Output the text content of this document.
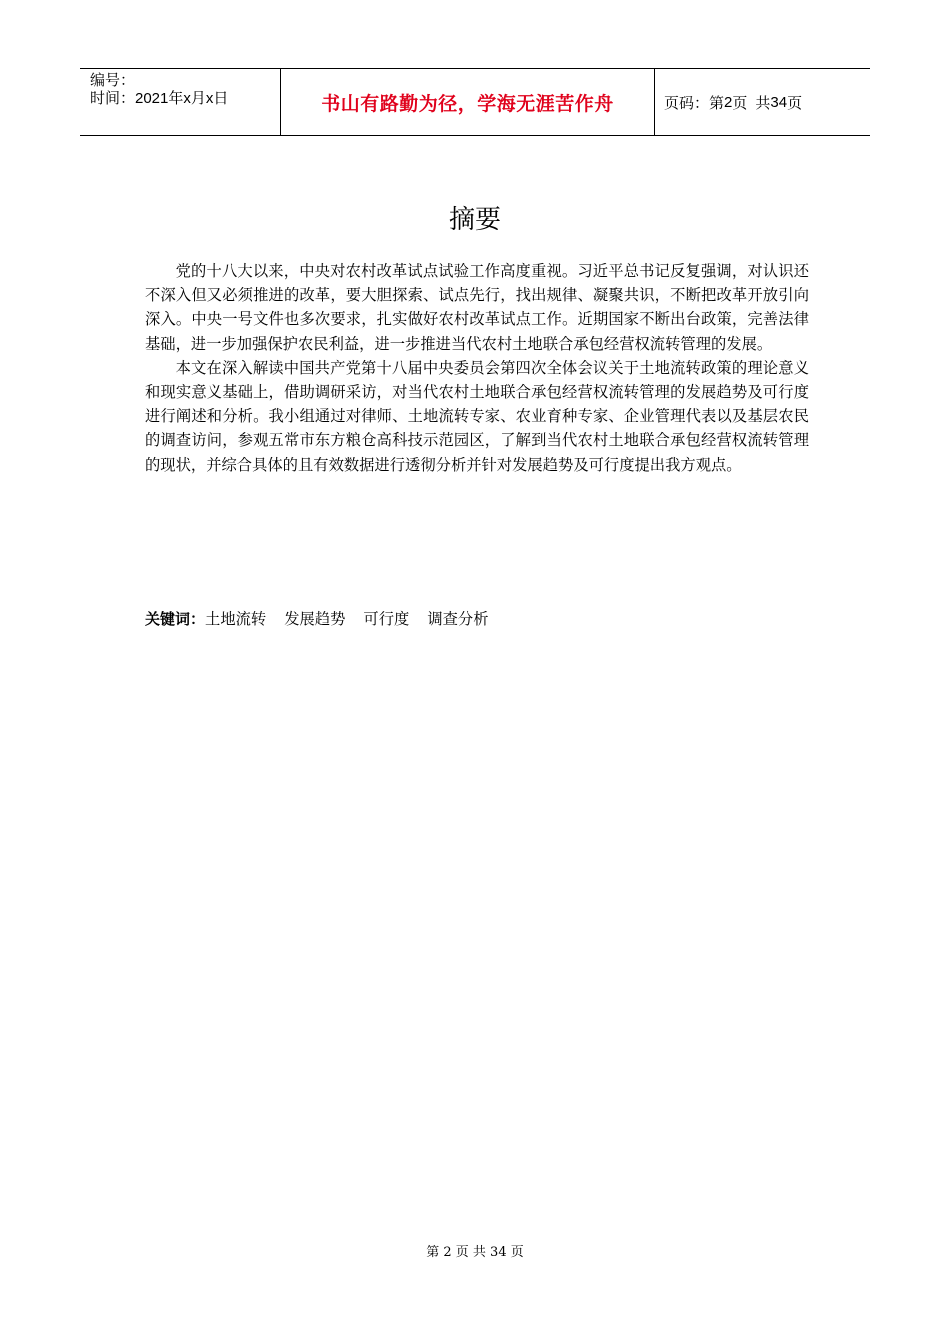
编号：
时间：2021年x月x日	书山有路勤为径，学海无涯苦作舟	页码：第 2 页 共 34 页
摘要

党的十八大以来，中央对农村改革试点试验工作高度重视。习近平总书记反复强调，对认识还不深入但又必须推进的改革，要大胆探索、试点先行，找出规律、凝聚共识，不断把改革开放引向深入。中央一号文件也多次要求，扎实做好农村改革试点工作。近期国家不断出台政策，完善法律基础，进一步加强保护农民利益，进一步推进当代农村土地联合承包经营权流转管理的发展。

本文在深入解读中国共产党第十八届中央委员会第四次全体会议关于土地流转政策的理论意义和现实意义基础上，借助调研采访，对当代农村土地联合承包经营权流转管理的发展趋势及可行度进行阐述和分析。我小组通过对律师、土地流转专家、农业育种专家、企业管理代表以及基层农民的调查访问，参观五常市东方粮仓高科技示范园区，了解到当代农村土地联合承包经营权流转管理的现状，并综合具体的且有效数据进行透彻分析并针对发展趋势及可行度提出我方观点。

关键词：土地流转 发展趋势 可行度 调查分析
第 2 页 共 34 页
